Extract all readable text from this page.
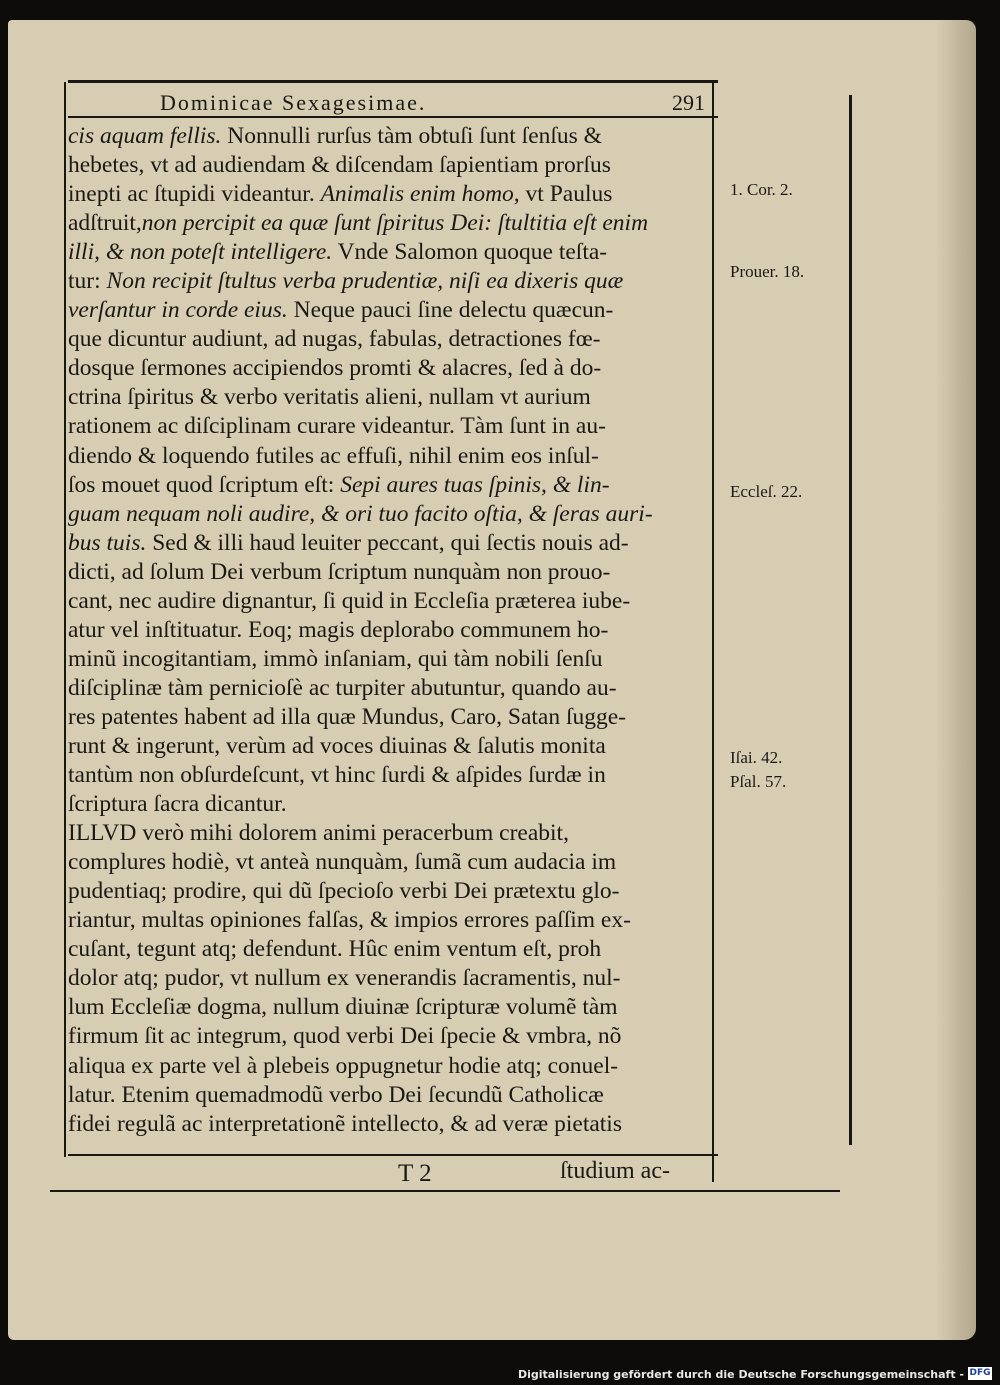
Dominicae Sexagesimae.	291
cis aquam fellis. Nonnulli rurſus tàm obtuſi ſunt ſenſus &
hebetes, vt ad audiendam & diſcendam ſapientiam prorſus
inepti ac ſtupidi videantur. Animalis enim homo, vt Paulus
adſtruit,non percipit ea quæ ſunt ſpiritus Dei: ſtultitia eſt enim
illi, & non poteſt intelligere. Vnde Salomon quoque teſta-
tur: Non recipit ſtultus verba prudentiæ, niſi ea dixeris quæ
verſantur in corde eius. Neque pauci ſine delectu quæcun-
que dicuntur audiunt, ad nugas, fabulas, detractiones fœ-
dosque ſermones accipiendos promti & alacres, ſed à do-
ctrina ſpiritus & verbo veritatis alieni, nullam vt aurium
rationem ac diſciplinam curare videantur. Tàm ſunt in au-
diendo & loquendo futiles ac effuſi, nihil enim eos inſul-
ſos mouet quod ſcriptum eſt: Sepi aures tuas ſpinis, & lin-
guam nequam noli audire, & ori tuo facito oſtia, & ſeras auri-
bus tuis. Sed & illi haud leuiter peccant, qui ſectis nouis ad-
dicti, ad ſolum Dei verbum ſcriptum nunquàm non prouo-
cant, nec audire dignantur, ſi quid in Eccleſia præterea iube-
atur vel inſtituatur. Eoq; magis deplorabo communem ho-
minũ incogitantiam, immò inſaniam, qui tàm nobili ſenſu
diſciplinæ tàm pernicioſè ac turpiter abutuntur, quando au-
res patentes habent ad illa quæ Mundus, Caro, Satan ſugge-
runt & ingerunt, verùm ad voces diuinas & ſalutis monita
tantùm non obſurdeſcunt, vt hinc ſurdi & aſpides ſurdæ in
ſcriptura ſacra dicantur.
ILLVD verò mihi dolorem animi peracerbum creabit,
complures hodiè, vt anteà nunquàm, ſumã cum audacia im
pudentiaq; prodire, qui dũ ſpecioſo verbi Dei prætextu glo-
riantur, multas opiniones falſas, & impios errores paſſim ex-
cuſant, tegunt atq; defendunt. Hûc enim ventum eſt, proh
dolor atq; pudor, vt nullum ex venerandis ſacramentis, nul-
lum Eccleſiæ dogma, nullum diuinæ ſcripturæ volumẽ tàm
firmum ſit ac integrum, quod verbi Dei ſpecie & vmbra, nõ
aliqua ex parte vel à plebeis oppugnetur hodie atq; conuel-
latur. Etenim quemadmodũ verbo Dei ſecundũ Catholicæ
fidei regulã ac interpretationẽ intellecto, & ad veræ pietatis
1. Cor. 2.
Prouer. 18.
Eccleſ. 22.
Iſai. 42.
Pſal. 57.
T 2	ſtudium ac-
Digitalisierung gefördert durch die Deutsche Forschungsgemeinschaft - DFG
